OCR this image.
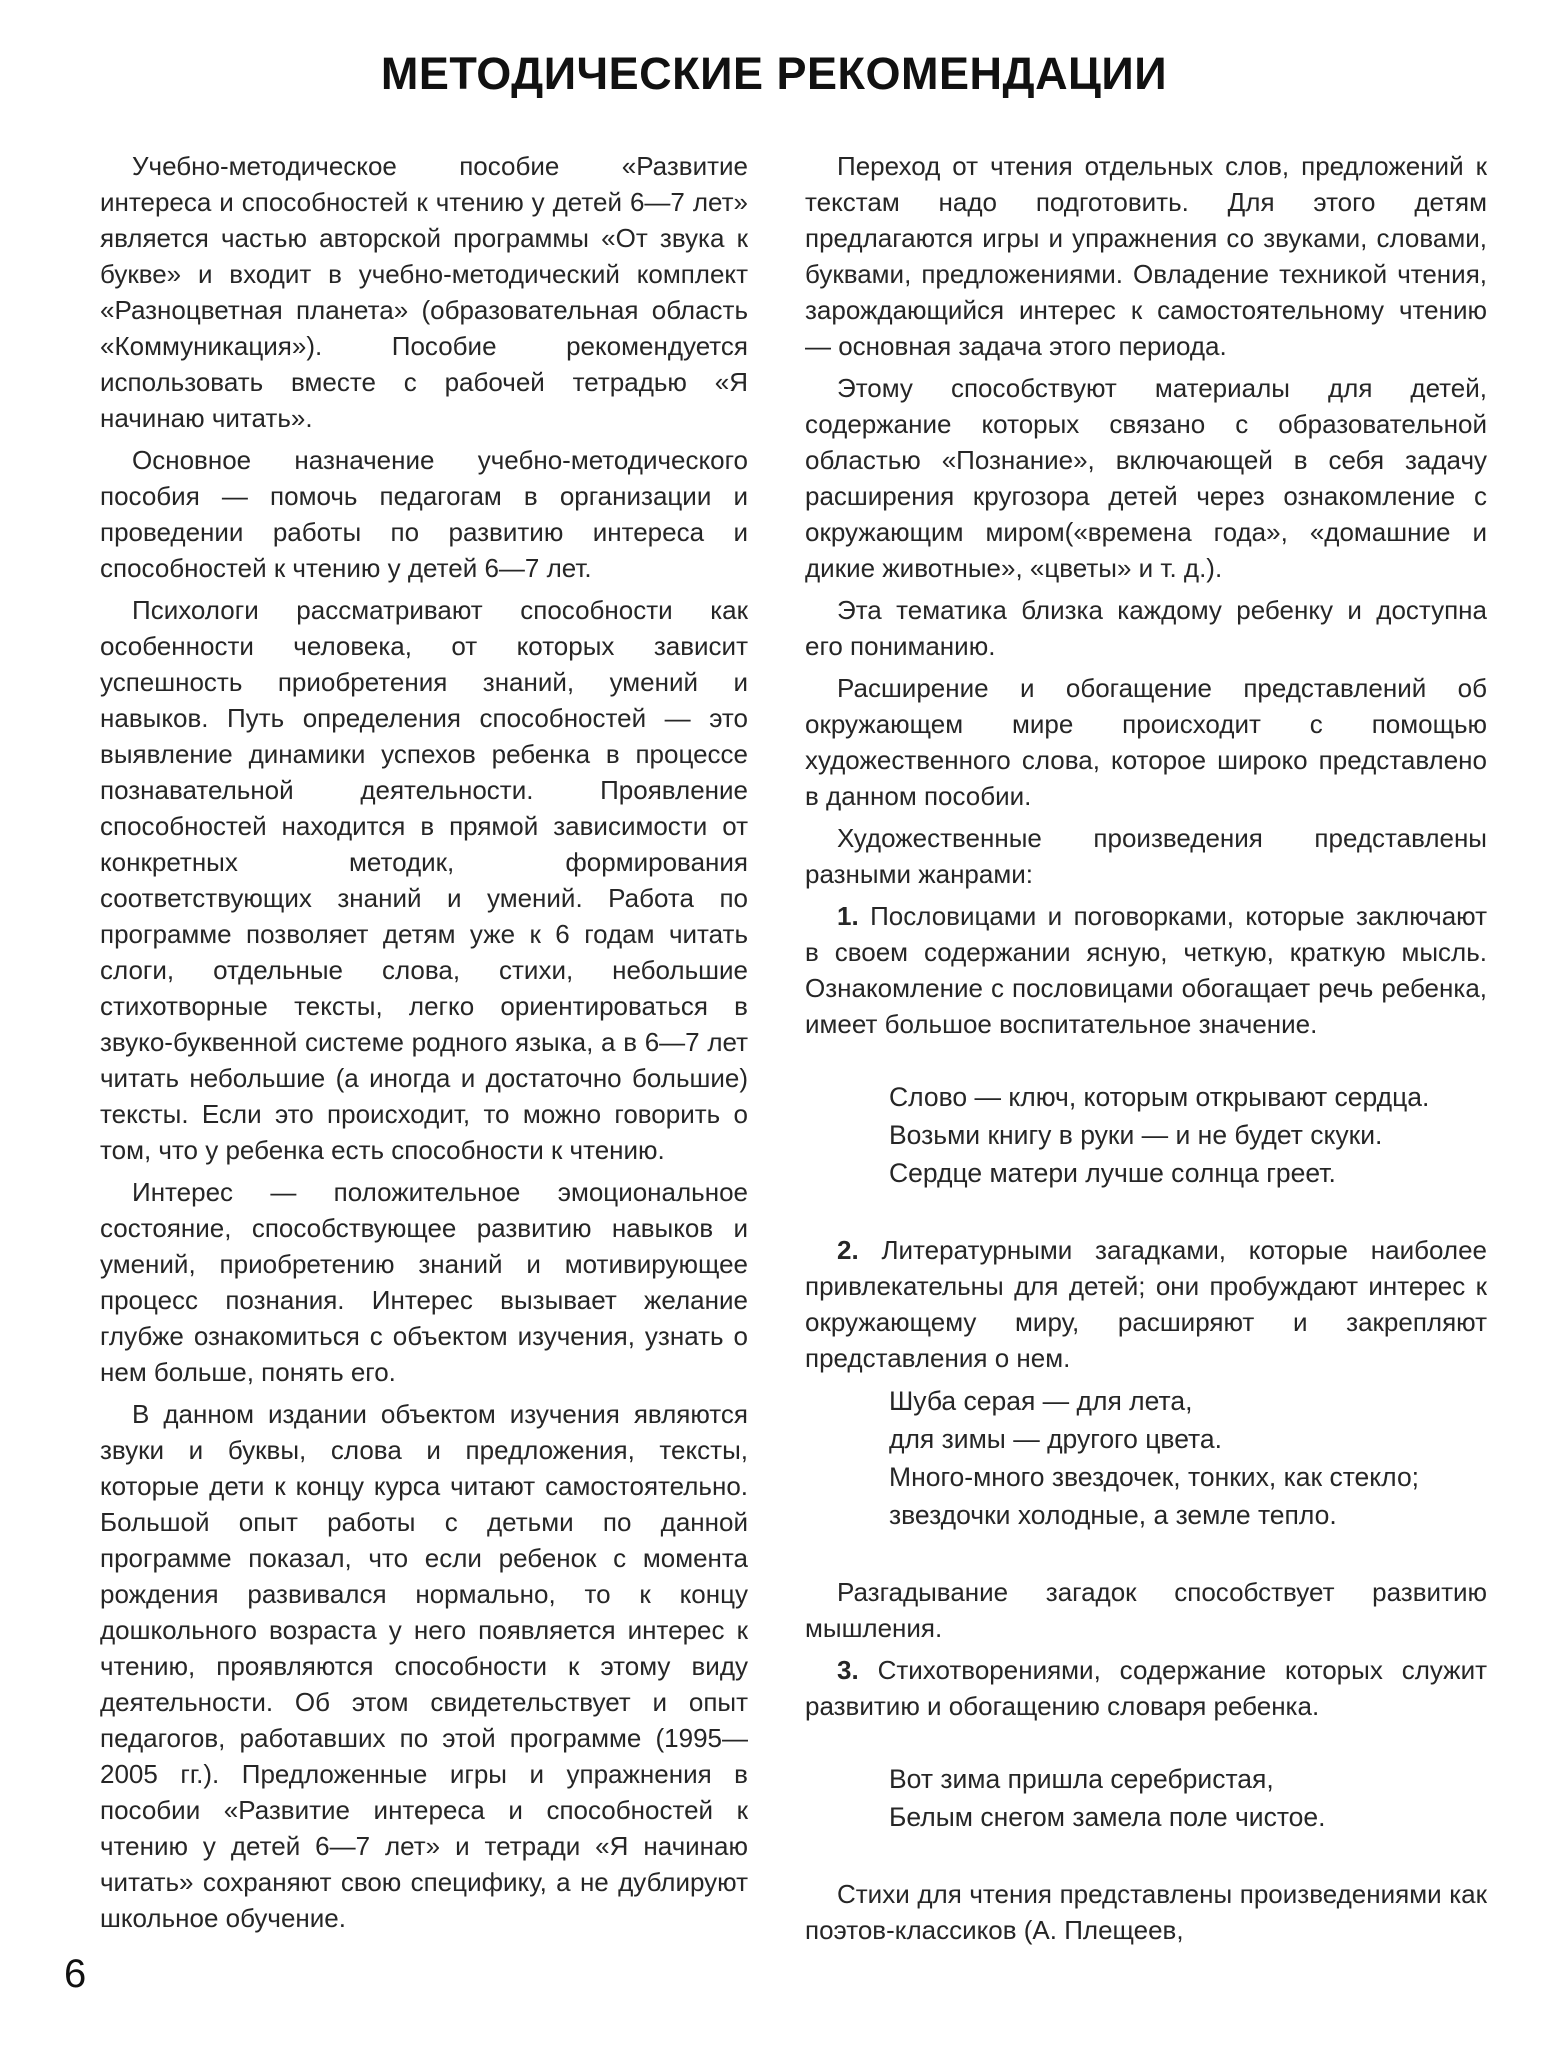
МЕТОДИЧЕСКИЕ РЕКОМЕНДАЦИИ

Учебно-методическое пособие «Развитие интереса и способностей к чтению у детей 6—7 лет» является частью авторской программы «От звука к букве» и входит в учебно-методический комплект «Разноцветная планета» (образовательная область «Коммуникация»). Пособие рекомендуется использовать вместе с рабочей тетрадью «Я начинаю читать».

Основное назначение учебно-методического пособия — помочь педагогам в организации и проведении работы по развитию интереса и способностей к чтению у детей 6—7 лет.

Психологи рассматривают способности как особенности человека, от которых зависит успешность приобретения знаний, умений и навыков. Путь определения способностей — это выявление динамики успехов ребенка в процессе познавательной деятельности. Проявление способностей находится в прямой зависимости от конкретных методик, формирования соответствующих знаний и умений. Работа по программе позволяет детям уже к 6 годам читать слоги, отдельные слова, стихи, небольшие стихотворные тексты, легко ориентироваться в звуко-буквенной системе родного языка, а в 6—7 лет читать небольшие (а иногда и достаточно большие) тексты. Если это происходит, то можно говорить о том, что у ребенка есть способности к чтению.

Интерес — положительное эмоциональное состояние, способствующее развитию навыков и умений, приобретению знаний и мотивирующее процесс познания. Интерес вызывает желание глубже ознакомиться с объектом изучения, узнать о нем больше, понять его.

В данном издании объектом изучения являются звуки и буквы, слова и предложения, тексты, которые дети к концу курса читают самостоятельно. Большой опыт работы с детьми по данной программе показал, что если ребенок с момента рождения развивался нормально, то к концу дошкольного возраста у него появляется интерес к чтению, проявляются способности к этому виду деятельности. Об этом свидетельствует и опыт педагогов, работавших по этой программе (1995—2005 гг.). Предложенные игры и упражнения в пособии «Развитие интереса и способностей к чтению у детей 6—7 лет» и тетради «Я начинаю читать» сохраняют свою специфику, а не дублируют школьное обучение.

Переход от чтения отдельных слов, предложений к текстам надо подготовить. Для этого детям предлагаются игры и упражнения со звуками, словами, буквами, предложениями. Овладение техникой чтения, зарождающийся интерес к самостоятельному чтению — основная задача этого периода.

Этому способствуют материалы для детей, содержание которых связано с образовательной областью «Познание», включающей в себя задачу расширения кругозора детей через ознакомление с окружающим миром(«времена года», «домашние и дикие животные», «цветы» и т. д.).

Эта тематика близка каждому ребенку и доступна его пониманию.

Расширение и обогащение представлений об окружающем мире происходит с помощью художественного слова, которое широко представлено в данном пособии.

Художественные произведения представлены разными жанрами:

1. Пословицами и поговорками, которые заключают в своем содержании ясную, четкую, краткую мысль. Ознакомление с пословицами обогащает речь ребенка, имеет большое воспитательное значение.

Слово — ключ, которым открывают сердца.
Возьми книгу в руки — и не будет скуки.
Сердце матери лучше солнца греет.

2. Литературными загадками, которые наиболее привлекательны для детей; они пробуждают интерес к окружающему миру, расширяют и закрепляют представления о нем.

Шуба серая — для лета,
для зимы — другого цвета.
Много-много звездочек, тонких, как стекло;
звездочки холодные, а земле тепло.

Разгадывание загадок способствует развитию мышления.

3. Стихотворениями, содержание которых служит развитию и обогащению словаря ребенка.

Вот зима пришла серебристая,
Белым снегом замела поле чистое.

Стихи для чтения представлены произведениями как поэтов-классиков (А. Плещеев,

6
